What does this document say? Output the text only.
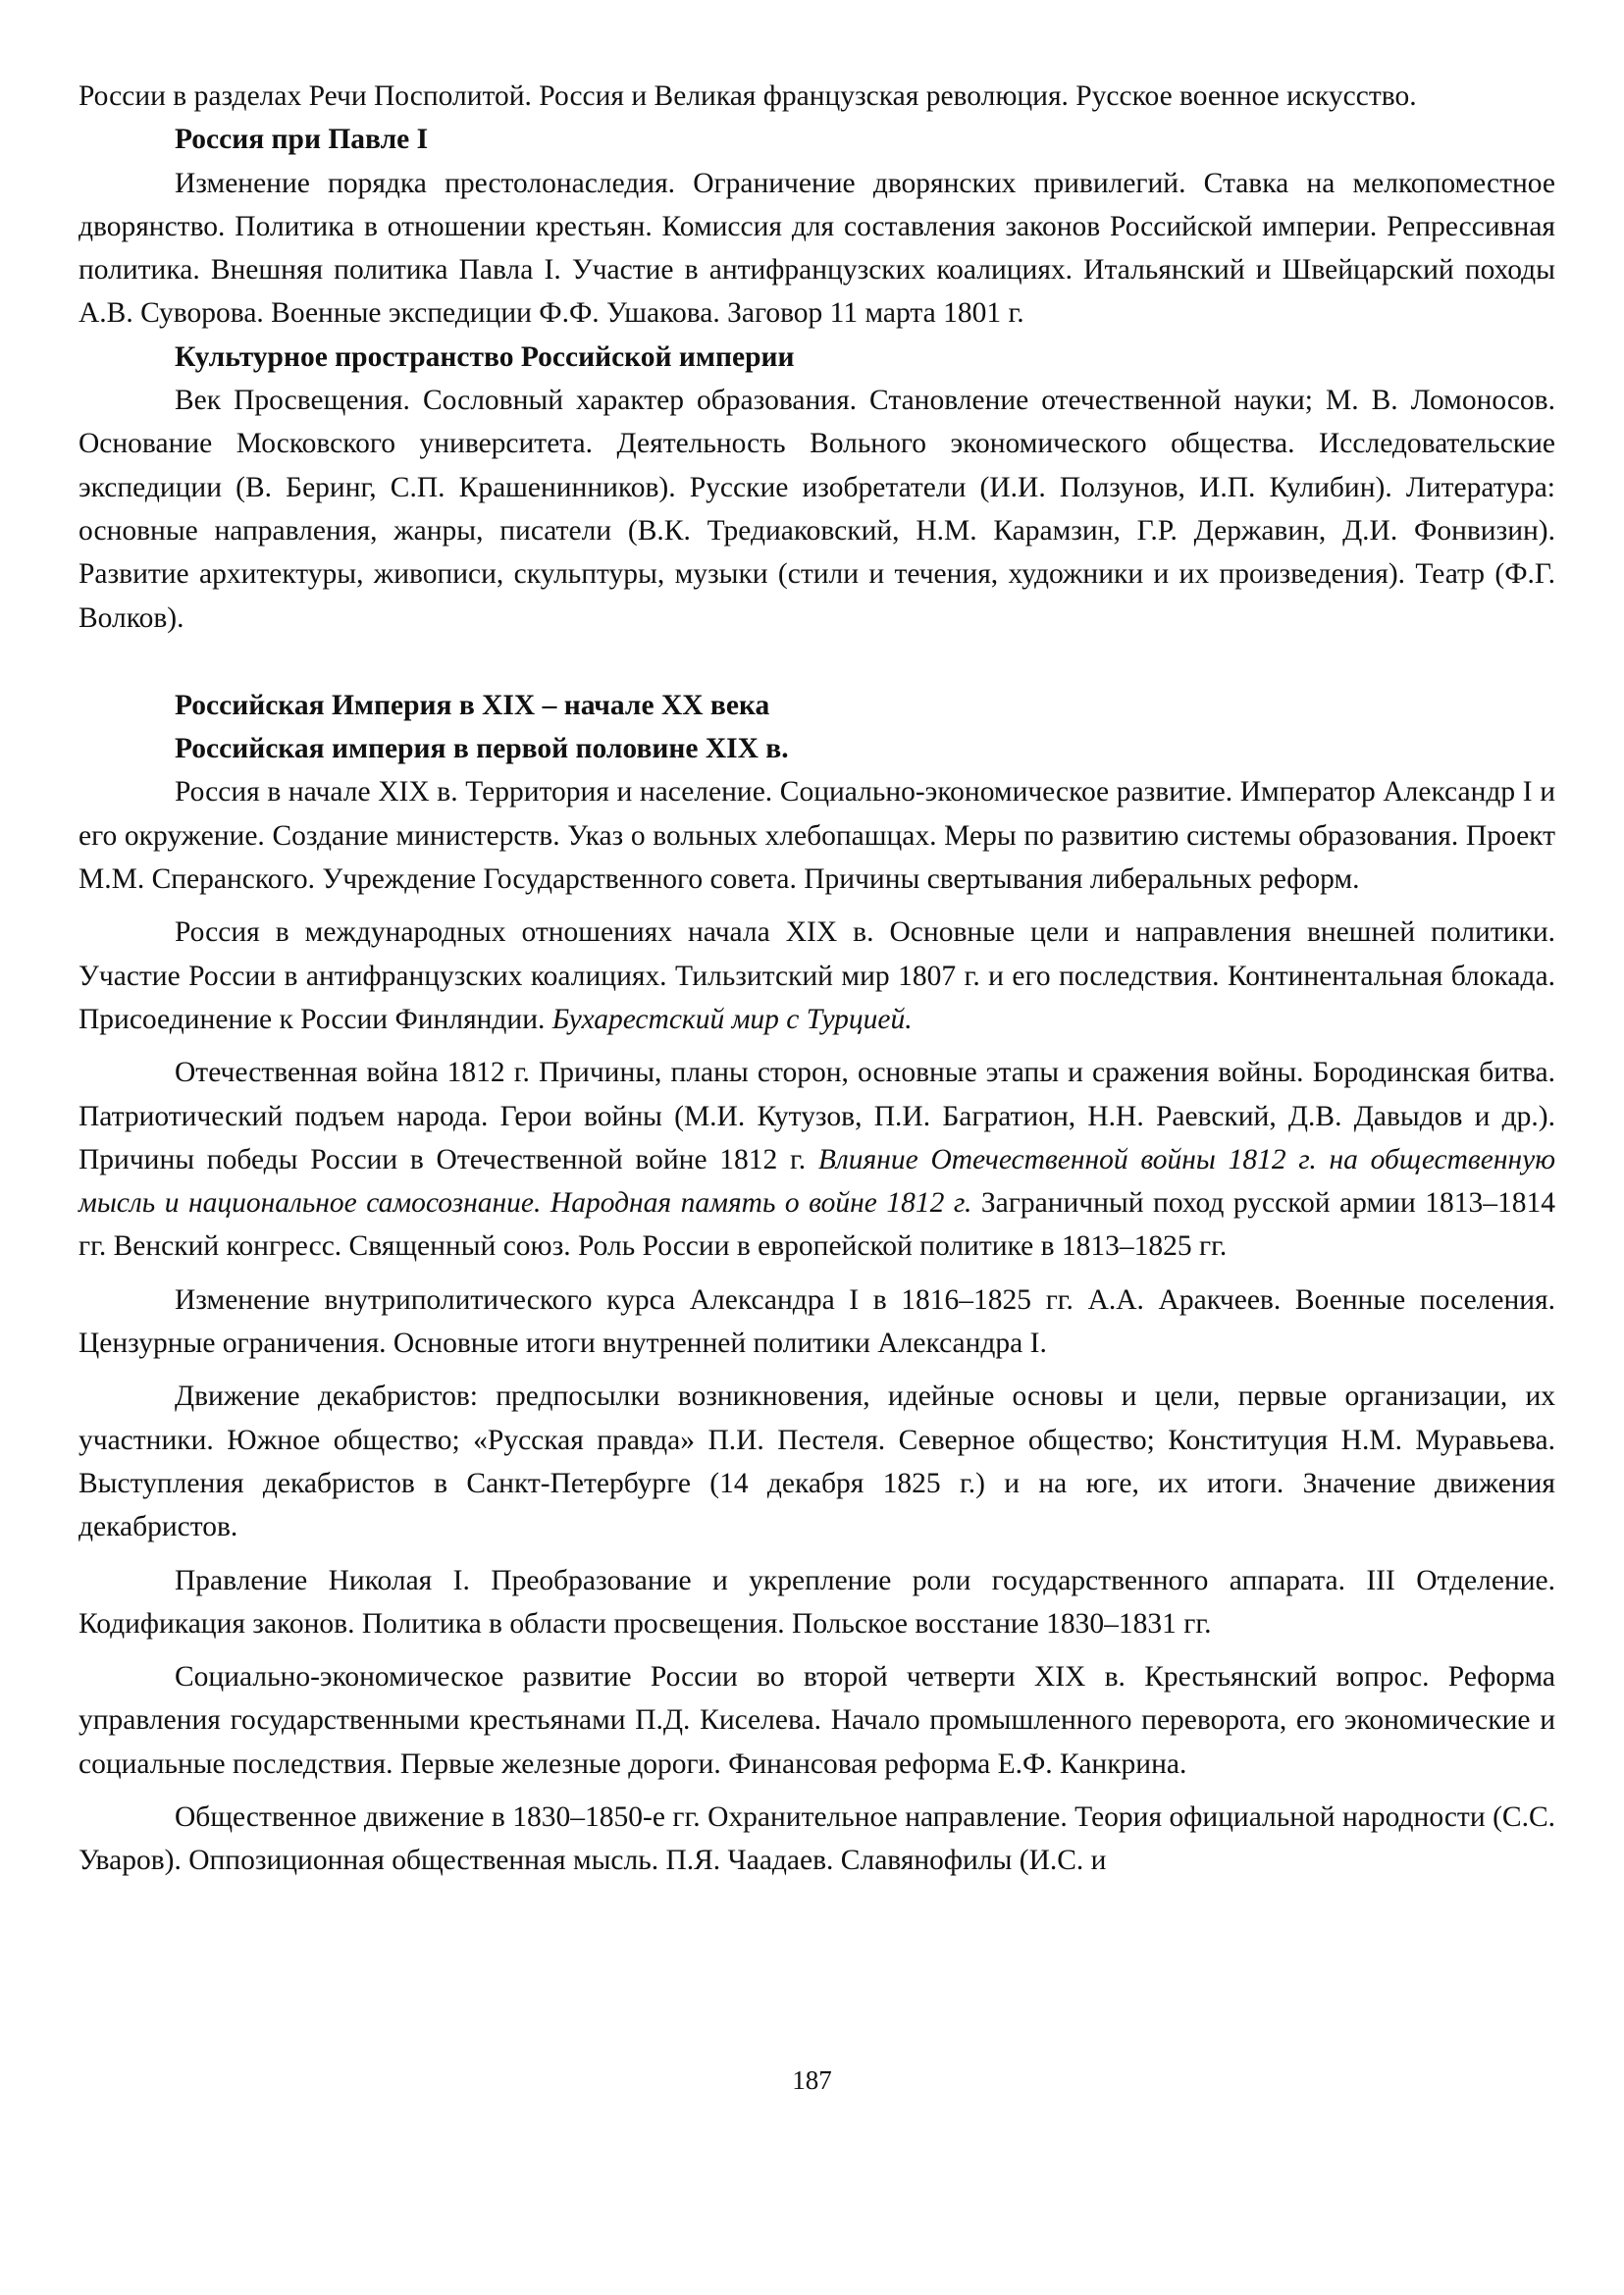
России в разделах Речи Посполитой. Россия и Великая французская революция. Русское военное искусство.

Россия при Павле I

Изменение порядка престолонаследия. Ограничение дворянских привилегий. Ставка на мелкопоместное дворянство. Политика в отношении крестьян. Комиссия для составления законов Российской империи. Репрессивная политика. Внешняя политика Павла I. Участие в антифранцузских коалициях. Итальянский и Швейцарский походы А.В. Суворова. Военные экспедиции Ф.Ф. Ушакова. Заговор 11 марта 1801 г.

Культурное пространство Российской империи

Век Просвещения. Сословный характер образования. Становление отечественной науки; М. В. Ломоносов. Основание Московского университета. Деятельность Вольного экономического общества. Исследовательские экспедиции (В. Беринг, С.П. Крашенинников). Русские изобретатели (И.И. Ползунов, И.П. Кулибин). Литература: основные направления, жанры, писатели (В.К. Тредиаковский, Н.М. Карамзин, Г.Р. Державин, Д.И. Фонвизин). Развитие архитектуры, живописи, скульптуры, музыки (стили и течения, художники и их произведения). Театр (Ф.Г. Волков).

Российская Империя в XIX – начале XX века

Российская империя в первой половине XIX в.

Россия в начале XIX в. Территория и население. Социально-экономическое развитие. Император Александр I и его окружение. Создание министерств. Указ о вольных хлебопашцах. Меры по развитию системы образования. Проект М.М. Сперанского. Учреждение Государственного совета. Причины свертывания либеральных реформ.

Россия в международных отношениях начала XIX в. Основные цели и направления внешней политики. Участие России в антифранцузских коалициях. Тильзитский мир 1807 г. и его последствия. Континентальная блокада. Присоединение к России Финляндии. Бухарестский мир с Турцией.

Отечественная война 1812 г. Причины, планы сторон, основные этапы и сражения войны. Бородинская битва. Патриотический подъем народа. Герои войны (М.И. Кутузов, П.И. Багратион, Н.Н. Раевский, Д.В. Давыдов и др.). Причины победы России в Отечественной войне 1812 г. Влияние Отечественной войны 1812 г. на общественную мысль и национальное самосознание. Народная память о войне 1812 г. Заграничный поход русской армии 1813–1814 гг. Венский конгресс. Священный союз. Роль России в европейской политике в 1813–1825 гг.

Изменение внутриполитического курса Александра I в 1816–1825 гг. А.А. Аракчеев. Военные поселения. Цензурные ограничения. Основные итоги внутренней политики Александра I.

Движение декабристов: предпосылки возникновения, идейные основы и цели, первые организации, их участники. Южное общество; «Русская правда» П.И. Пестеля. Северное общество; Конституция Н.М. Муравьева. Выступления декабристов в Санкт-Петербурге (14 декабря 1825 г.) и на юге, их итоги. Значение движения декабристов.

Правление Николая I. Преобразование и укрепление роли государственного аппарата. III Отделение. Кодификация законов. Политика в области просвещения. Польское восстание 1830–1831 гг.

Социально-экономическое развитие России во второй четверти XIX в. Крестьянский вопрос. Реформа управления государственными крестьянами П.Д. Киселева. Начало промышленного переворота, его экономические и социальные последствия. Первые железные дороги. Финансовая реформа Е.Ф. Канкрина.

Общественное движение в 1830–1850-е гг. Охранительное направление. Теория официальной народности (С.С. Уваров). Оппозиционная общественная мысль. П.Я. Чаадаев. Славянофилы (И.С. и

187
